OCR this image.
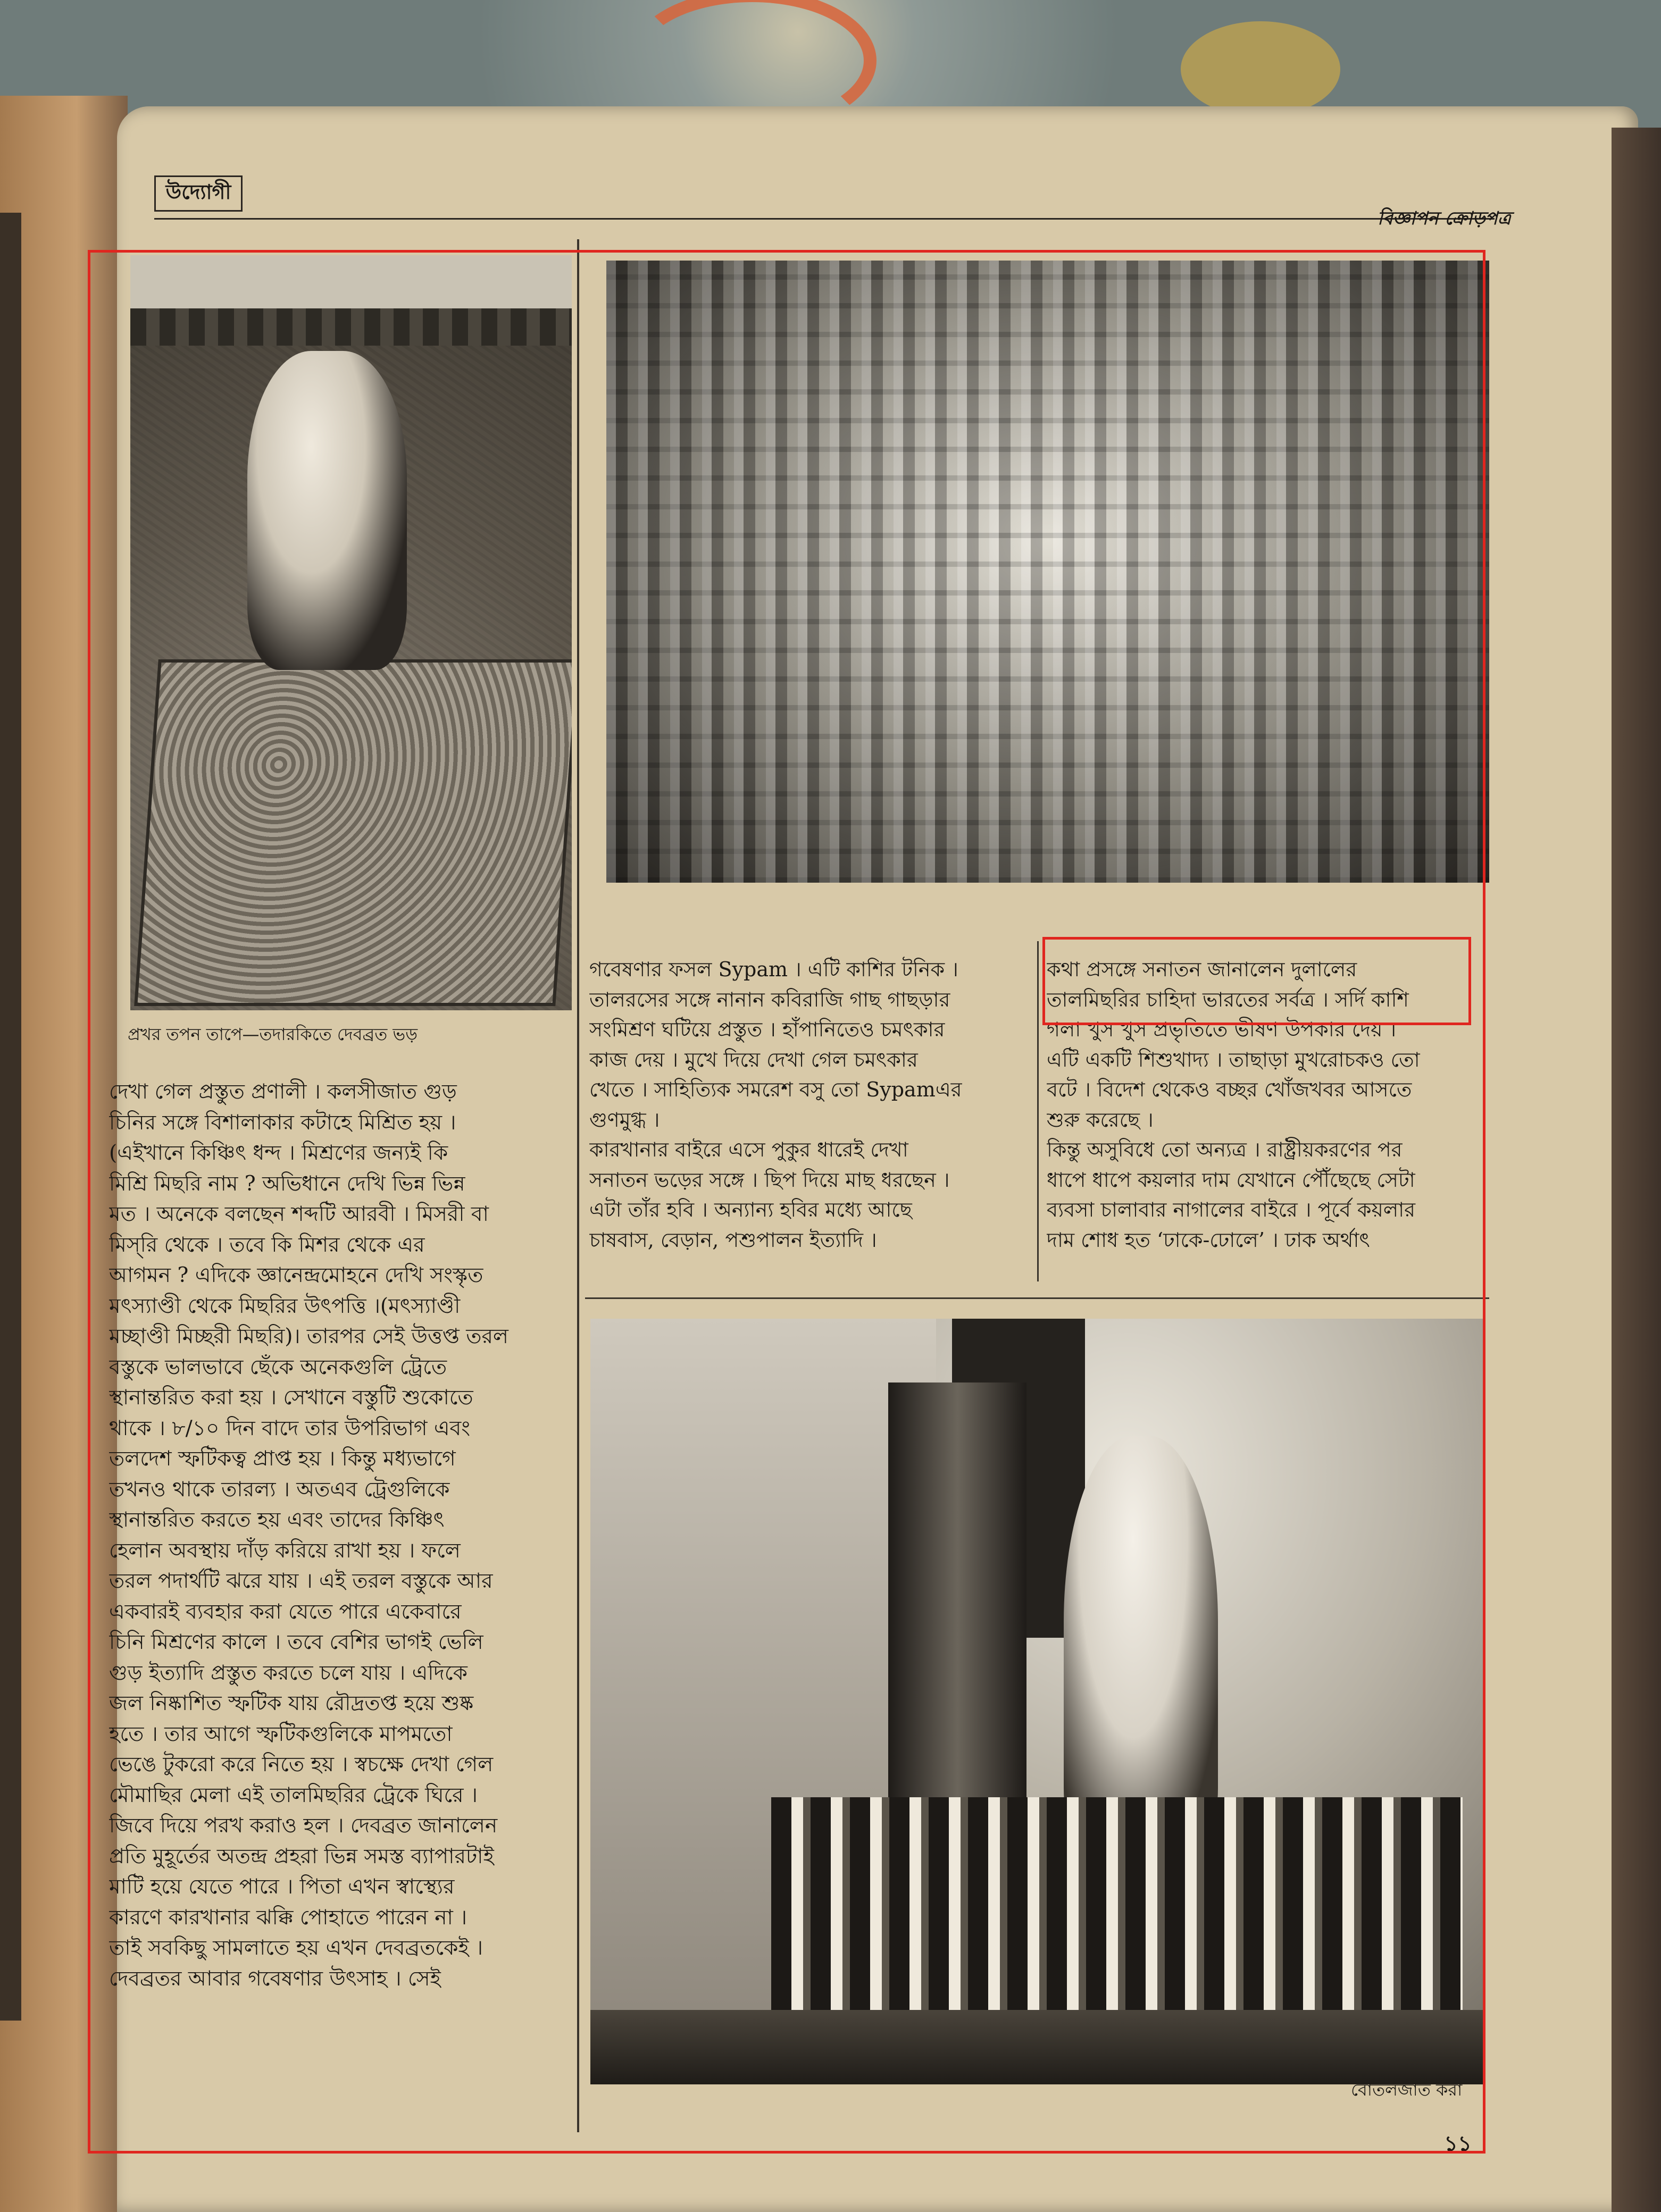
উদ্যোগী
বিজ্ঞাপন ক্রোড়পত্র
প্রখর তপন তাপে—তদারকিতে দেবব্রত ভড়
বোতলজাত করা
দেখা গেল প্রস্তুত প্রণালী । কলসীজাত গুড়
চিনির সঙ্গে বিশালাকার কটাহে মিশ্রিত হয় ।
(এইখানে কিঞ্চিৎ ধন্দ । মিশ্রণের জন্যই কি
মিশ্রি মিছরি নাম ? অভিধানে দেখি ভিন্ন ভিন্ন
মত । অনেকে বলছেন শব্দটি আরবী । মিসরী বা
মিস্‌রি থেকে । তবে কি মিশর থেকে এর
আগমন ? এদিকে জ্ঞানেন্দ্রমোহনে দেখি সংস্কৃত
মৎস্যাণ্ডী থেকে মিছরির উৎপত্তি ।(মৎস্যাণ্ডী
মচ্ছাণ্ডী মিচ্ছরী মিছরি)। তারপর সেই উত্তপ্ত তরল
বস্তুকে ভালভাবে ছেঁকে অনেকগুলি ট্রেতে
স্থানান্তরিত করা হয় । সেখানে বস্তুটি শুকোতে
থাকে । ৮/১০ দিন বাদে তার উপরিভাগ এবং
তলদেশ স্ফটিকত্ব প্রাপ্ত হয় । কিন্তু মধ্যভাগে
তখনও থাকে তারল্য । অতএব ট্রেগুলিকে
স্থানান্তরিত করতে হয় এবং তাদের কিঞ্চিৎ
হেলান অবস্থায় দাঁড় করিয়ে রাখা হয় । ফলে
তরল পদার্থটি ঝরে যায় । এই তরল বস্তুকে আর
একবারই ব্যবহার করা যেতে পারে একেবারে
চিনি মিশ্রণের কালে । তবে বেশির ভাগই ভেলি
গুড় ইত্যাদি প্রস্তুত করতে চলে যায় । এদিকে
জল নিষ্কাশিত স্ফটিক যায় রৌদ্রতপ্ত হয়ে শুষ্ক
হতে । তার আগে স্ফটিকগুলিকে মাপমতো
ভেঙে টুকরো করে নিতে হয় । স্বচক্ষে দেখা গেল
মৌমাছির মেলা এই তালমিছরির ট্রেকে ঘিরে ।
জিবে দিয়ে পরখ করাও হল । দেবব্রত জানালেন
প্রতি মুহূর্তের অতন্দ্র প্রহরা ভিন্ন সমস্ত ব্যাপারটাই
মাটি হয়ে যেতে পারে । পিতা এখন স্বাস্থ্যের
কারণে কারখানার ঝক্কি পোহাতে পারেন না ।
তাই সবকিছু সামলাতে হয় এখন দেবব্রতকেই ।
দেবব্রতর আবার গবেষণার উৎসাহ । সেই
গবেষণার ফসল Sypam । এটি কাশির টনিক ।
তালরসের সঙ্গে নানান কবিরাজি গাছ গাছড়ার
সংমিশ্রণ ঘটিয়ে প্রস্তুত । হাঁপানিতেও চমৎকার
কাজ দেয় । মুখে দিয়ে দেখা গেল চমৎকার
খেতে । সাহিত্যিক সমরেশ বসু তো Sypamএর
গুণমুগ্ধ ।
কারখানার বাইরে এসে পুকুর ধারেই দেখা
সনাতন ভড়ের সঙ্গে । ছিপ দিয়ে মাছ ধরছেন ।
এটা তাঁর হবি । অন্যান্য হবির মধ্যে আছে
চাষবাস, বেড়ান, পশুপালন ইত্যাদি ।
কথা প্রসঙ্গে সনাতন জানালেন দুলালের
তালমিছরির চাহিদা ভারতের সর্বত্র । সর্দি কাশি
গলা খুস খুস প্রভৃতিতে ভীষণ উপকার দেয় ।
এটি একটি শিশুখাদ্য । তাছাড়া মুখরোচকও তো
বটে । বিদেশ থেকেও বচ্ছর খোঁজখবর আসতে
শুরু করেছে ।
কিন্তু অসুবিধে তো অন্যত্র । রাষ্ট্রীয়করণের পর
ধাপে ধাপে কয়লার দাম যেখানে পৌঁছেছে সেটা
ব্যবসা চালাবার নাগালের বাইরে । পূর্বে কয়লার
দাম শোধ হত ‘ঢাকে-ঢোলে’ । ঢাক অর্থাৎ
১১
